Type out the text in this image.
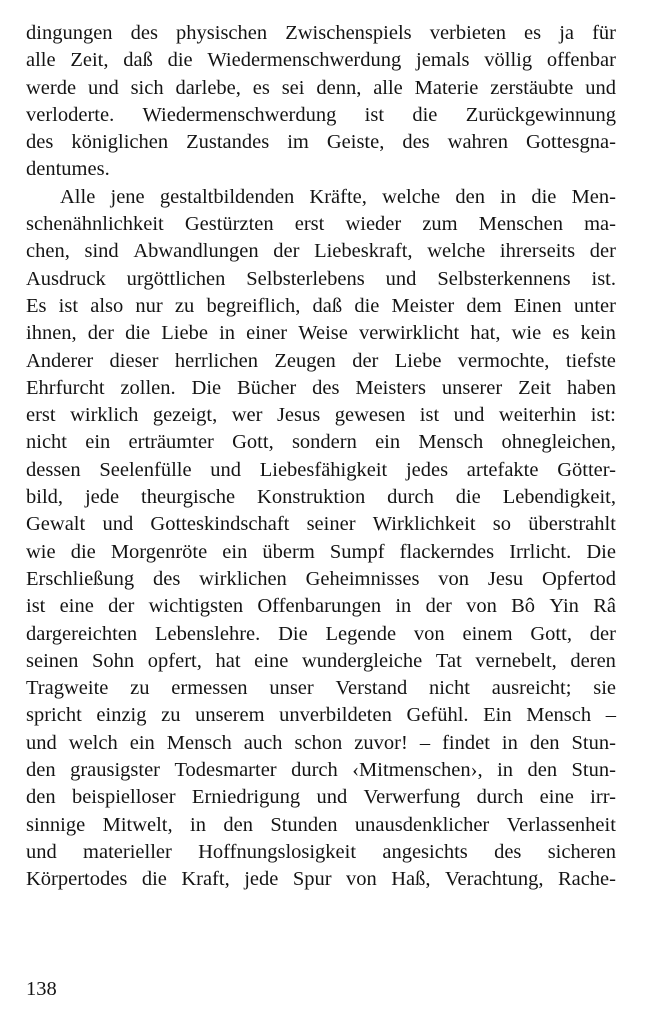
dingungen des physischen Zwischenspiels verbieten es ja für
alle Zeit, daß die Wiedermenschwerdung jemals völlig offenbar
werde und sich darlebe, es sei denn, alle Materie zerstäubte und
verloderte. Wiedermenschwerdung ist die Zurückgewinnung
des königlichen Zustandes im Geiste, des wahren Gottesgna-
dentumes.
Alle jene gestaltbildenden Kräfte, welche den in die Men-
schenähnlichkeit Gestürzten erst wieder zum Menschen ma-
chen, sind Abwandlungen der Liebeskraft, welche ihrerseits der
Ausdruck urgöttlichen Selbsterlebens und Selbsterkennens ist.
Es ist also nur zu begreiflich, daß die Meister dem Einen unter
ihnen, der die Liebe in einer Weise verwirklicht hat, wie es kein
Anderer dieser herrlichen Zeugen der Liebe vermochte, tiefste
Ehrfurcht zollen. Die Bücher des Meisters unserer Zeit haben
erst wirklich gezeigt, wer Jesus gewesen ist und weiterhin ist:
nicht ein erträumter Gott, sondern ein Mensch ohnegleichen,
dessen Seelenfülle und Liebesfähigkeit jedes artefakte Götter-
bild, jede theurgische Konstruktion durch die Lebendigkeit,
Gewalt und Gotteskindschaft seiner Wirklichkeit so überstrahlt
wie die Morgenröte ein überm Sumpf flackerndes Irrlicht. Die
Erschließung des wirklichen Geheimnisses von Jesu Opfertod
ist eine der wichtigsten Offenbarungen in der von Bô Yin Râ
dargereichten Lebenslehre. Die Legende von einem Gott, der
seinen Sohn opfert, hat eine wundergleiche Tat vernebelt, deren
Tragweite zu ermessen unser Verstand nicht ausreicht; sie
spricht einzig zu unserem unverbildeten Gefühl. Ein Mensch –
und welch ein Mensch auch schon zuvor! – findet in den Stun-
den grausigster Todesmarter durch ‹Mitmenschen›, in den Stun-
den beispielloser Erniedrigung und Verwerfung durch eine irr-
sinnige Mitwelt, in den Stunden unausdenklicher Verlassenheit
und materieller Hoffnungslosigkeit angesichts des sicheren
Körpertodes die Kraft, jede Spur von Haß, Verachtung, Rache-
138
